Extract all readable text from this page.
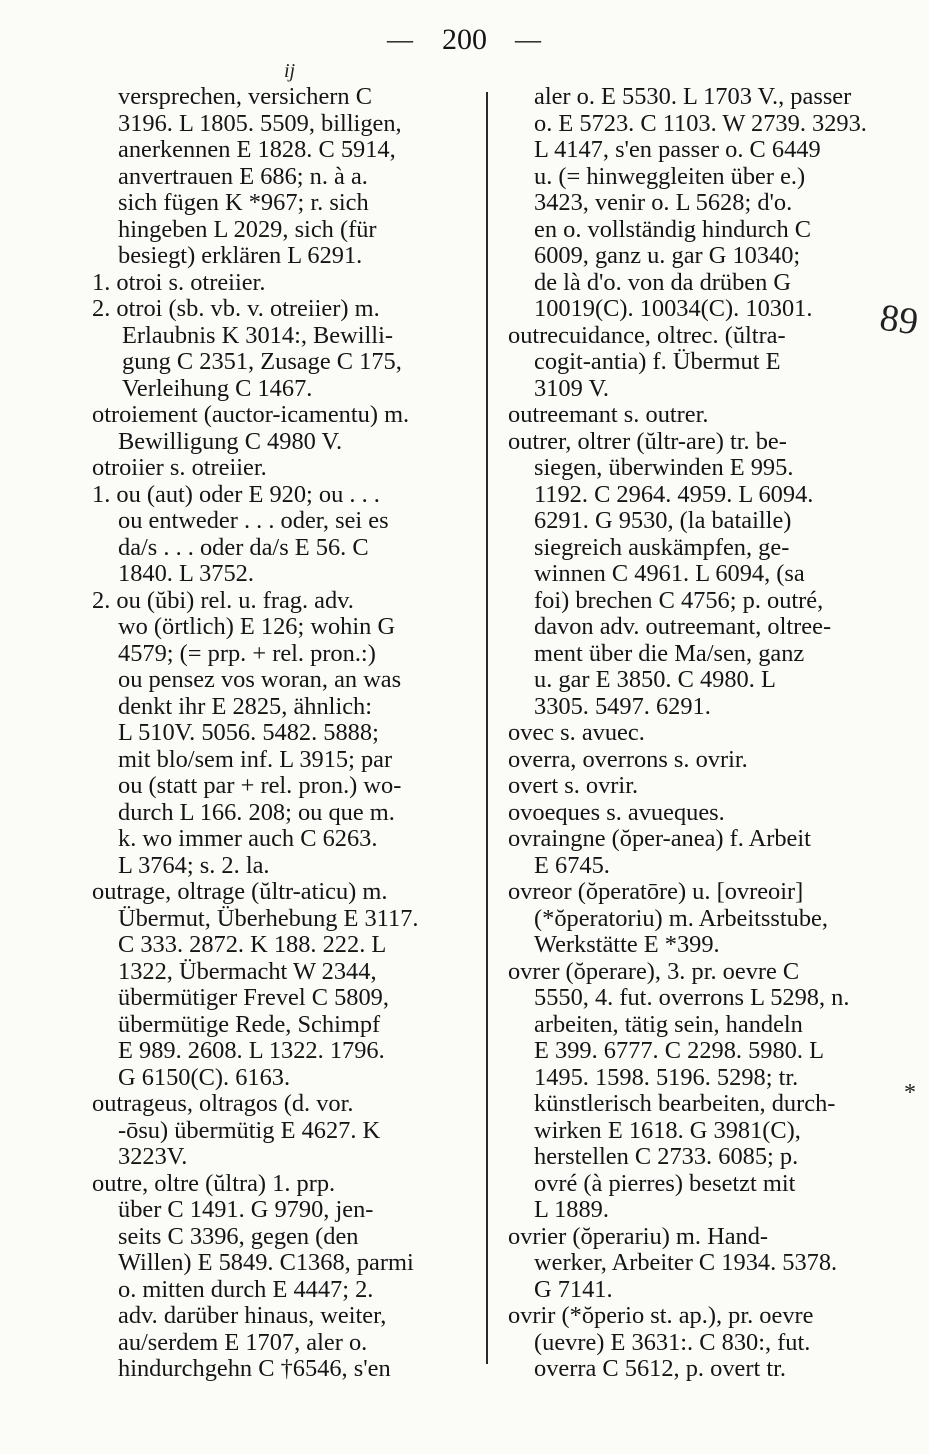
— 200 —
ij
89
*
versprechen, versichern C
3196. L 1805. 5509, billigen,
anerkennen E 1828. C 5914,
anvertrauen E 686; n. à a.
sich fügen K *967; r. sich
hingeben L 2029, sich (für
besiegt) erklären L 6291.
1. otroi s. otreiier.
2. otroi (sb. vb. v. otreiier) m.
Erlaubnis K 3014:, Bewilli-
gung C 2351, Zusage C 175,
Verleihung C 1467.
otroiement (auctor-icamentu) m.
Bewilligung C 4980 V.
otroiier s. otreiier.
1. ou (aut) oder E 920; ou . . .
ou entweder . . . oder, sei es
da/s . . . oder da/s E 56. C
1840. L 3752.
2. ou (ŭbi) rel. u. frag. adv.
wo (örtlich) E 126; wohin G
4579; (= prp. + rel. pron.:)
ou pensez vos woran, an was
denkt ihr E 2825, ähnlich:
L 510V. 5056. 5482. 5888;
mit blo/sem inf. L 3915; par
ou (statt par + rel. pron.) wo-
durch L 166. 208; ou que m.
k. wo immer auch C 6263.
L 3764; s. 2. la.
outrage, oltrage (ŭltr-aticu) m.
Übermut, Überhebung E 3117.
C 333. 2872. K 188. 222. L
1322, Übermacht W 2344,
übermütiger Frevel C 5809,
übermütige Rede, Schimpf
E 989. 2608. L 1322. 1796.
G 6150(C). 6163.
outrageus, oltragos (d. vor.
-ōsu) übermütig E 4627. K
3223V.
outre, oltre (ŭltra) 1. prp.
über C 1491. G 9790, jen-
seits C 3396, gegen (den
Willen) E 5849. C1368, parmi
o. mitten durch E 4447; 2.
adv. darüber hinaus, weiter,
au/serdem E 1707, aler o.
hindurchgehn C †6546, s'en
aler o. E 5530. L 1703 V., passer
o. E 5723. C 1103. W 2739. 3293.
L 4147, s'en passer o. C 6449
u. (= hinweggleiten über e.)
3423, venir o. L 5628; d'o.
en o. vollständig hindurch C
6009, ganz u. gar G 10340;
de là d'o. von da drüben G
10019(C). 10034(C). 10301.
outrecuidance, oltrec. (ŭltra-
cogit-antia) f. Übermut E
3109 V.
outreemant s. outrer.
outrer, oltrer (ŭltr-are) tr. be-
siegen, überwinden E 995.
1192. C 2964. 4959. L 6094.
6291. G 9530, (la bataille)
siegreich auskämpfen, ge-
winnen C 4961. L 6094, (sa
foi) brechen C 4756; p. outré,
davon adv. outreemant, oltree-
ment über die Ma/sen, ganz
u. gar E 3850. C 4980. L
3305. 5497. 6291.
ovec s. avuec.
overra, overrons s. ovrir.
overt s. ovrir.
ovoeques s. avueques.
ovraingne (ŏper-anea) f. Arbeit
E 6745.
ovreor (ŏperatōre) u. [ovreoir]
(*ŏperatoriu) m. Arbeitsstube,
Werkstätte E *399.
ovrer (ŏperare), 3. pr. oevre C
5550, 4. fut. overrons L 5298, n.
arbeiten, tätig sein, handeln
E 399. 6777. C 2298. 5980. L
1495. 1598. 5196. 5298; tr.
künstlerisch bearbeiten, durch-
wirken E 1618. G 3981(C),
herstellen C 2733. 6085; p.
ovré (à pierres) besetzt mit
L 1889.
ovrier (ŏperariu) m. Hand-
werker, Arbeiter C 1934. 5378.
G 7141.
ovrir (*ŏperio st. ap.), pr. oevre
(uevre) E 3631:. C 830:, fut.
overra C 5612, p. overt tr.
